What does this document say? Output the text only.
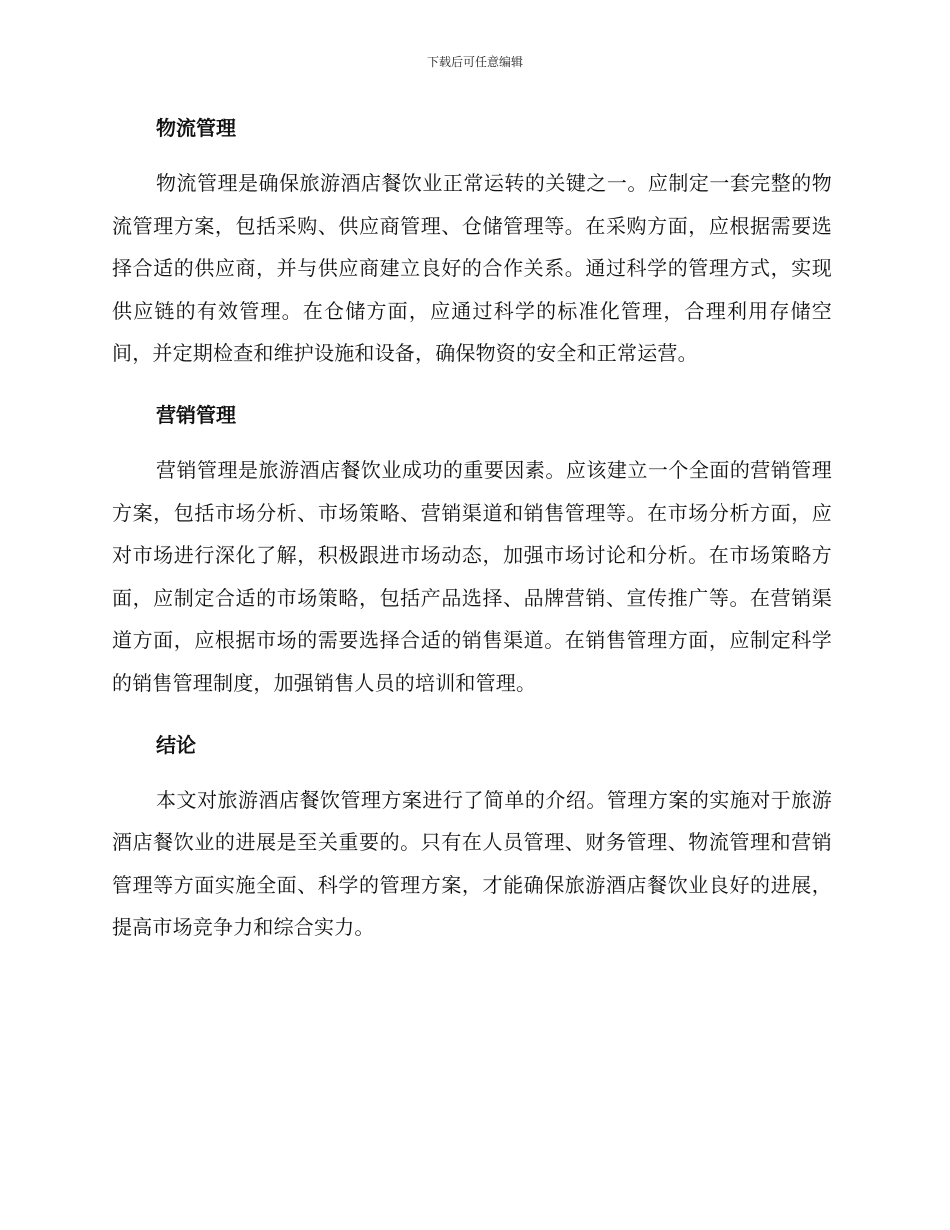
下载后可任意编辑
物流管理

物流管理是确保旅游酒店餐饮业正常运转的关键之一。应制定一套完整的物流管理方案，包括采购、供应商管理、仓储管理等。在采购方面，应根据需要选择合适的供应商，并与供应商建立良好的合作关系。通过科学的管理方式，实现供应链的有效管理。在仓储方面，应通过科学的标准化管理，合理利用存储空间，并定期检查和维护设施和设备，确保物资的安全和正常运营。

营销管理

营销管理是旅游酒店餐饮业成功的重要因素。应该建立一个全面的营销管理方案，包括市场分析、市场策略、营销渠道和销售管理等。在市场分析方面，应对市场进行深化了解，积极跟进市场动态，加强市场讨论和分析。在市场策略方面，应制定合适的市场策略，包括产品选择、品牌营销、宣传推广等。在营销渠道方面，应根据市场的需要选择合适的销售渠道。在销售管理方面，应制定科学的销售管理制度，加强销售人员的培训和管理。

结论

本文对旅游酒店餐饮管理方案进行了简单的介绍。管理方案的实施对于旅游酒店餐饮业的进展是至关重要的。只有在人员管理、财务管理、物流管理和营销管理等方面实施全面、科学的管理方案，才能确保旅游酒店餐饮业良好的进展，提高市场竞争力和综合实力。
